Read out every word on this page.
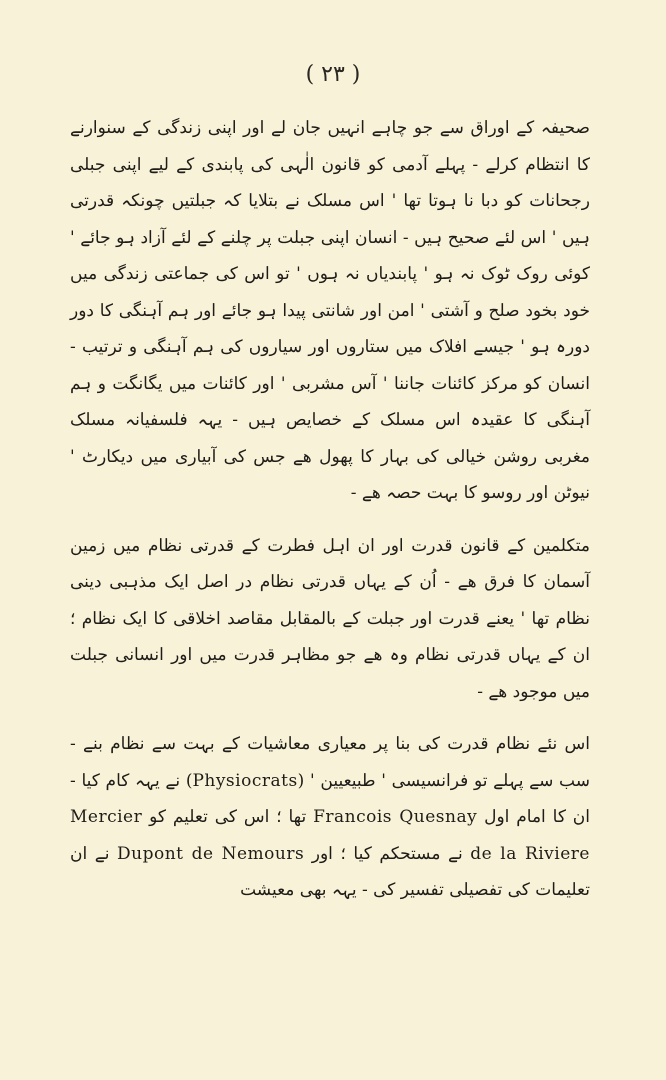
( ۲۳ )

صحیفہ کے اوراق سے جو چاہے انہیں جان لے اور اپنی زندگی کے سنوارنے کا انتظام کرلے - پہلے آدمی کو قانون الٰہی کی پابندی کے لیے اپنی جبلی رجحانات کو دبا نا ہوتا تھا ' اس مسلک نے بتلایا کہ جبلتیں چونکہ قدرتی ہیں ' اس لئے صحیح ہیں - انسان اپنی جبلت پر چلنے کے لئے آزاد ہو جائے ' کوئی روک ٹوک نہ ہو ' پابندیاں نہ ہوں ' تو اس کی جماعتی زندگی میں خود بخود صلح و آشتی ' امن اور شانتی پیدا ہو جائے اور ہم آہنگی کا دور دورہ ہو ' جیسے افلاک میں ستاروں اور سیاروں کی ہم آہنگی و ترتیب - انسان کو مرکز کائنات جاننا ' آس مشربی ' اور کائنات میں یگانگت و ہم آہنگی کا عقیدہ اس مسلک کے خصایص ہیں - یہہ فلسفیانہ مسلک مغربی روشن خیالی کی بہار کا پھول ھے جس کی آبیاری میں دیکارٹ ' نیوٹن اور روسو کا بہت حصہ ھے -

متکلمین کے قانون قدرت اور ان اہل فطرت کے قدرتی نظام میں زمین آسمان کا فرق ھے - اُن کے یہاں قدرتی نظام در اصل ایک مذہبی دینی نظام تھا ' یعنے قدرت اور جبلت کے بالمقابل مقاصد اخلاقی کا ایک نظام ؛ ان کے یہاں قدرتی نظام وہ ھے جو مظاہر قدرت میں اور انسانی جبلت میں موجود ھے -

اس نئے نظام قدرت کی بنا پر معیاری معاشیات کے بہت سے نظام بنے - سب سے پہلے تو فرانسیسی ' طبیعیین ' (Physiocrats) نے یہہ کام کیا - ان کا امام اول Francois Quesnay تھا ؛ اس کی تعلیم کو Mercier de la Riviere نے مستحکم کیا ؛ اور Dupont de Nemours نے ان تعلیمات کی تفصیلی تفسیر کی - یہہ بھی معیشت
